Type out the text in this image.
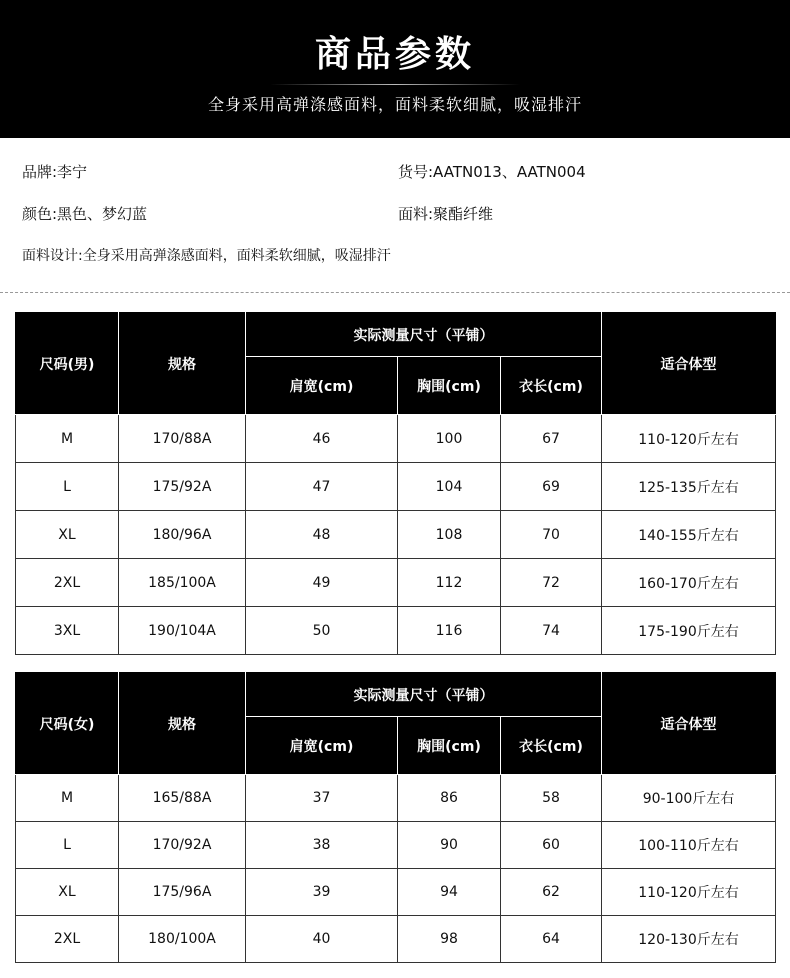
商品参数
全身采用高弹涤感面料，面料柔软细腻，吸湿排汗
品牌:李宁	货号:AATN013、AATN004
颜色:黑色、梦幻蓝	面料:聚酯纤维
面料设计:全身采用高弹涤感面料，面料柔软细腻，吸湿排汗
尺码(男)	规格	实际测量尺寸（平铺）			适合体型
		肩宽(cm)	胸围(cm)	衣长(cm)	
M	170/88A	46	100	67	110-120斤左右
L	175/92A	47	104	69	125-135斤左右
XL	180/96A	48	108	70	140-155斤左右
2XL	185/100A	49	112	72	160-170斤左右
3XL	190/104A	50	116	74	175-190斤左右
尺码(女)	规格	实际测量尺寸（平铺）			适合体型
		肩宽(cm)	胸围(cm)	衣长(cm)	
M	165/88A	37	86	58	90-100斤左右
L	170/92A	38	90	60	100-110斤左右
XL	175/96A	39	94	62	110-120斤左右
2XL	180/100A	40	98	64	120-130斤左右
